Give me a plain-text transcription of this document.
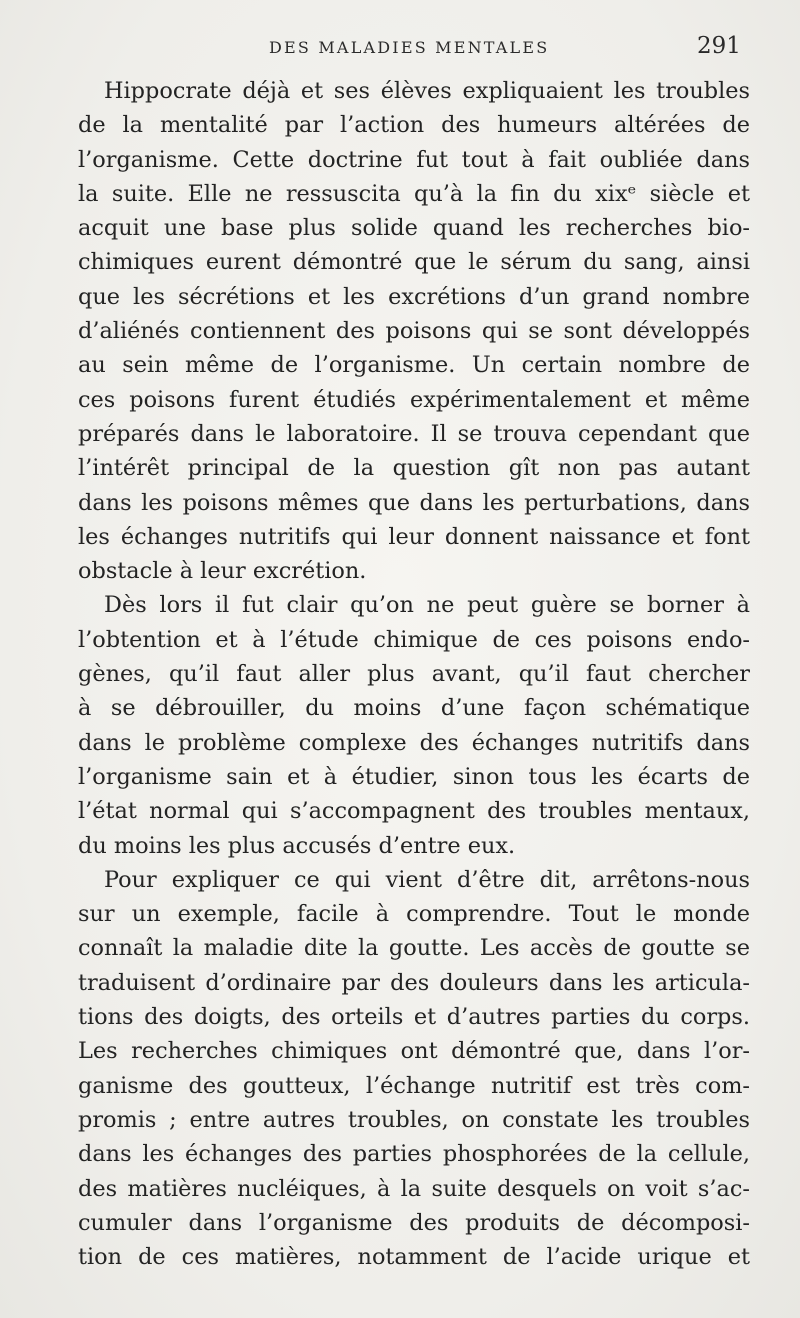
DES MALADIES MENTALES	291
Hippocrate déjà et ses élèves expliquaient les troubles
de la mentalité par l’action des humeurs altérées de
l’organisme. Cette doctrine fut tout à fait oubliée dans
la suite. Elle ne ressuscita qu’à la fin du xixᵉ siècle et
acquit une base plus solide quand les recherches bio-
chimiques eurent démontré que le sérum du sang, ainsi
que les sécrétions et les excrétions d’un grand nombre
d’aliénés contiennent des poisons qui se sont développés
au sein même de l’organisme. Un certain nombre de
ces poisons furent étudiés expérimentalement et même
préparés dans le laboratoire. Il se trouva cependant que
l’intérêt principal de la question gît non pas autant
dans les poisons mêmes que dans les perturbations, dans
les échanges nutritifs qui leur donnent naissance et font
obstacle à leur excrétion.
Dès lors il fut clair qu’on ne peut guère se borner à
l’obtention et à l’étude chimique de ces poisons endo-
gènes, qu’il faut aller plus avant, qu’il faut chercher
à se débrouiller, du moins d’une façon schématique
dans le problème complexe des échanges nutritifs dans
l’organisme sain et à étudier, sinon tous les écarts de
l’état normal qui s’accompagnent des troubles mentaux,
du moins les plus accusés d’entre eux.
Pour expliquer ce qui vient d’être dit, arrêtons-nous
sur un exemple, facile à comprendre. Tout le monde
connaît la maladie dite la goutte. Les accès de goutte se
traduisent d’ordinaire par des douleurs dans les articula-
tions des doigts, des orteils et d’autres parties du corps.
Les recherches chimiques ont démontré que, dans l’or-
ganisme des goutteux, l’échange nutritif est très com-
promis ; entre autres troubles, on constate les troubles
dans les échanges des parties phosphorées de la cellule,
des matières nucléiques, à la suite desquels on voit s’ac-
cumuler dans l’organisme des produits de décomposi-
tion de ces matières, notamment de l’acide urique et
